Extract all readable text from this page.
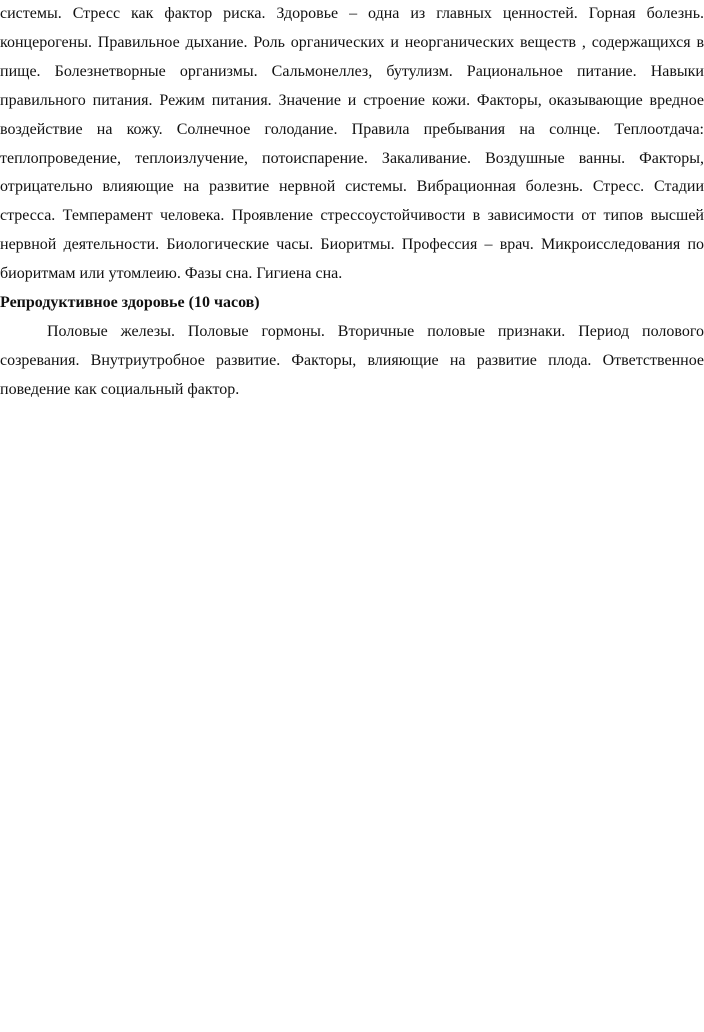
системы. Стресс как фактор риска. Здоровье – одна из главных ценностей. Горная болезнь. концерогены. Правильное дыхание. Роль органических и неорганических веществ , содержащихся в пище. Болезнетворные организмы. Сальмонеллез, бутулизм. Рациональное питание. Навыки правильного питания. Режим питания. Значение и строение кожи. Факторы, оказывающие вредное воздействие на кожу. Солнечное голодание. Правила пребывания на солнце. Теплоотдача: теплопроведение, теплоизлучение, потоиспарение. Закаливание. Воздушные ванны. Факторы, отрицательно влияющие на развитие нервной системы. Вибрационная болезнь. Стресс. Стадии стресса. Темперамент человека. Проявление стрессоустойчивости в зависимости от типов высшей нервной деятельности. Биологические часы. Биоритмы. Профессия – врач. Микроисследования по биоритмам или утомлеию. Фазы сна. Гигиена сна.

Репродуктивное здоровье (10 часов)

Половые железы. Половые гормоны. Вторичные половые признаки. Период полового созревания. Внутриутробное развитие. Факторы, влияющие на развитие плода. Ответственное поведение как социальный фактор.
